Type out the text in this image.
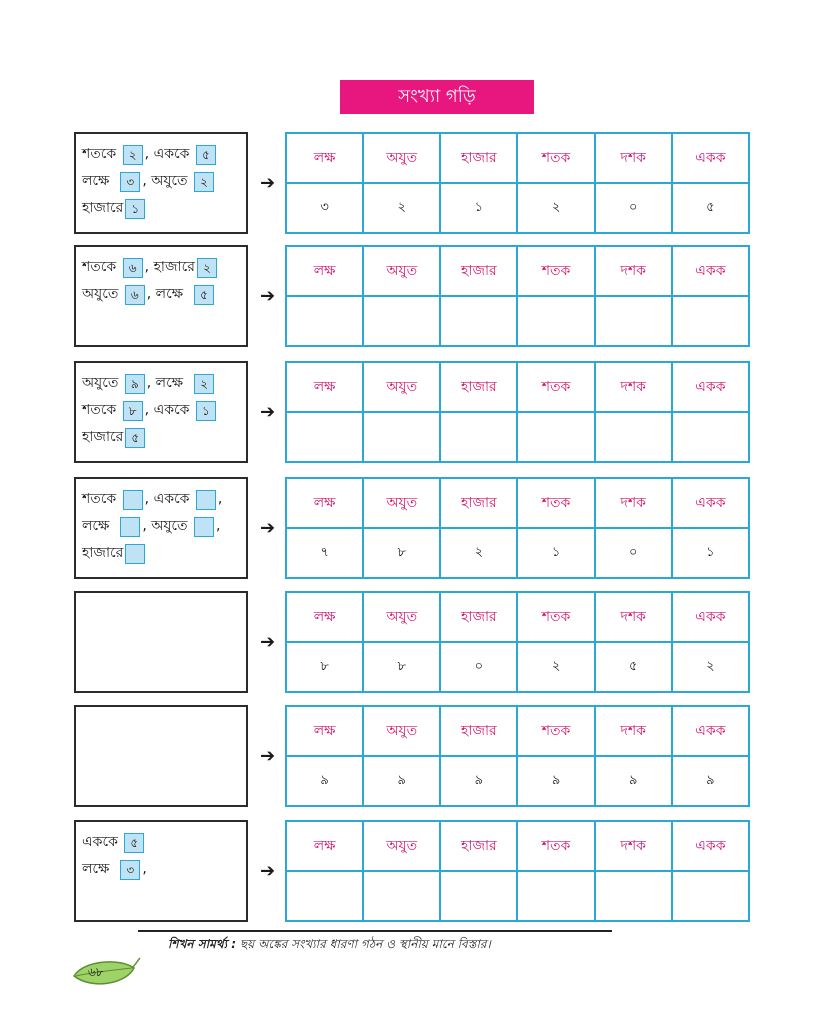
সংখ্যা গড়ি
শতকে ২ , এককে ৫
লক্ষে ৩ , অযুতে ২
হাজারে ১
➔
লক্ষ	অযুত	হাজার	শতক	দশক	একক
৩	২	১	২	০	৫
শতকে ৬ , হাজারে ২
অযুতে ৬ , লক্ষে ৫	➔
লক্ষ	অযুত	হাজার	শতক	দশক	একক

অযুতে ৯ , লক্ষে ২
শতকে ৮ , এককে ১
হাজারে ৫
➔
লক্ষ	অযুত	হাজার	শতক	দশক	একক

শতকে , এককে ,
লক্ষে , অযুতে ,
হাজারে
➔
লক্ষ	অযুত	হাজার	শতক	দশক	একক
৭	৮	২	১	০	১
➔
লক্ষ	অযুত	হাজার	শতক	দশক	একক
৮	৮	০	২	৫	২
➔
লক্ষ	অযুত	হাজার	শতক	দশক	একক
৯	৯	৯	৯	৯	৯
এককে ৫
লক্ষে ৩ ,	➔
লক্ষ	অযুত	হাজার	শতক	দশক	একক

শিখন সামর্থ্য : ছয় অঙ্কের সংখ্যার ধারণা গঠন ও স্থানীয় মানে বিস্তার।
৬৮
